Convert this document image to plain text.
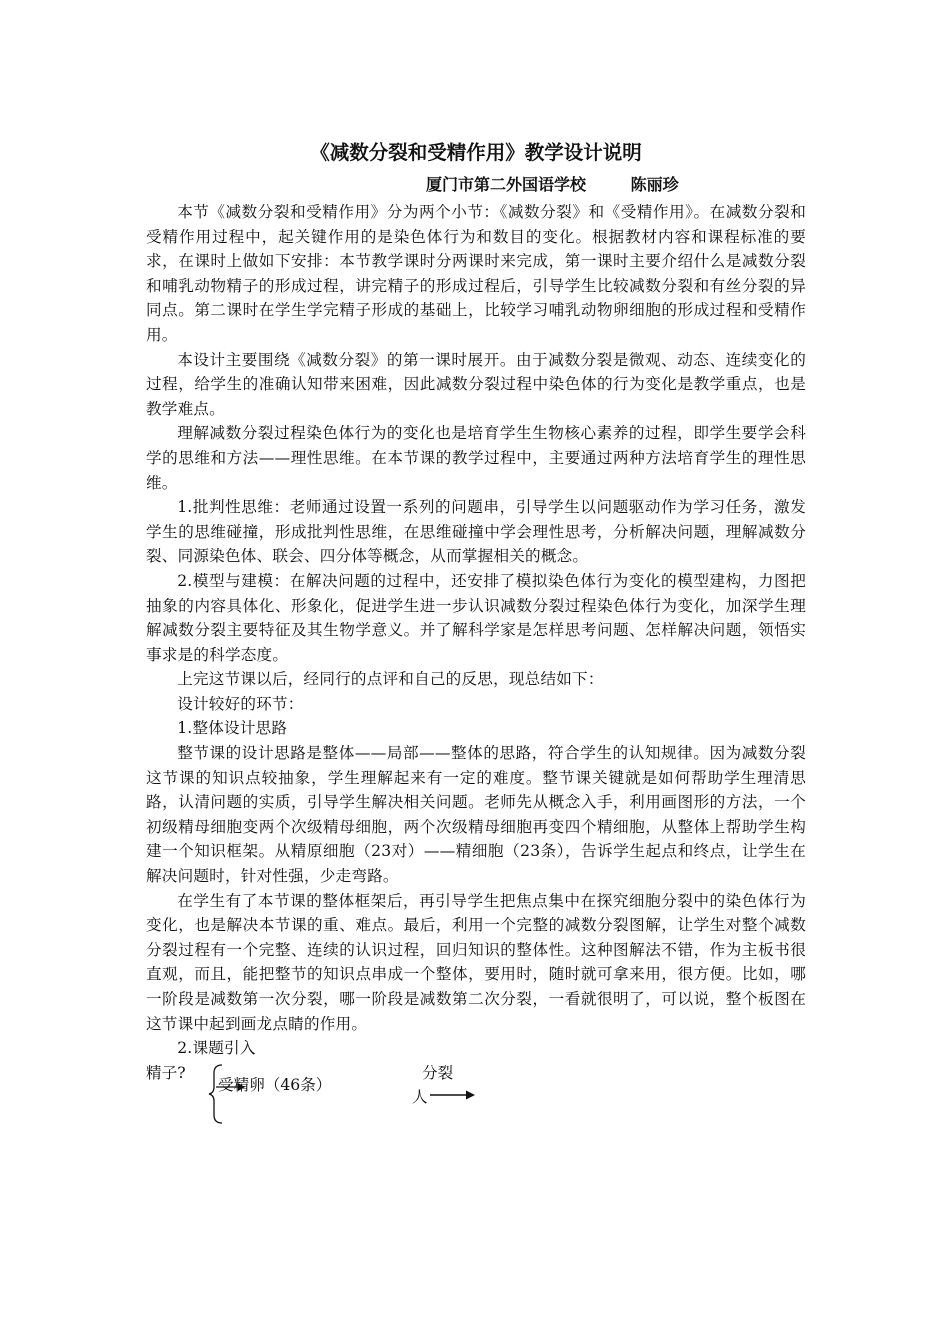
《减数分裂和受精作用》教学设计说明
厦门市第二外国语学校	陈丽珍

本节《减数分裂和受精作用》分为两个小节：《减数分裂》和《受精作用》。在减数分裂和受精作用过程中，起关键作用的是染色体行为和数目的变化。根据教材内容和课程标准的要求，在课时上做如下安排：本节教学课时分两课时来完成，第一课时主要介绍什么是减数分裂和哺乳动物精子的形成过程，讲完精子的形成过程后，引导学生比较减数分裂和有丝分裂的异同点。第二课时在学生学完精子形成的基础上，比较学习哺乳动物卵细胞的形成过程和受精作用。

本设计主要围绕《减数分裂》的第一课时展开。由于减数分裂是微观、动态、连续变化的过程，给学生的准确认知带来困难，因此减数分裂过程中染色体的行为变化是教学重点，也是教学难点。

理解减数分裂过程染色体行为的变化也是培育学生生物核心素养的过程，即学生要学会科学的思维和方法——理性思维。在本节课的教学过程中，主要通过两种方法培育学生的理性思维。

1.批判性思维：老师通过设置一系列的问题串，引导学生以问题驱动作为学习任务，激发学生的思维碰撞，形成批判性思维，在思维碰撞中学会理性思考，分析解决问题，理解减数分裂、同源染色体、联会、四分体等概念，从而掌握相关的概念。

2.模型与建模：在解决问题的过程中，还安排了模拟染色体行为变化的模型建构，力图把抽象的内容具体化、形象化，促进学生进一步认识减数分裂过程染色体行为变化，加深学生理解减数分裂主要特征及其生物学意义。并了解科学家是怎样思考问题、怎样解决问题，领悟实事求是的科学态度。

上完这节课以后，经同行的点评和自己的反思，现总结如下：

设计较好的环节：

1.整体设计思路

整节课的设计思路是整体——局部——整体的思路，符合学生的认知规律。因为减数分裂这节课的知识点较抽象，学生理解起来有一定的难度。整节课关键就是如何帮助学生理清思路，认清问题的实质，引导学生解决相关问题。老师先从概念入手，利用画图形的方法，一个初级精母细胞变两个次级精母细胞，两个次级精母细胞再变四个精细胞，从整体上帮助学生构建一个知识框架。从精原细胞（23对）——精细胞（23条），告诉学生起点和终点，让学生在解决问题时，针对性强，少走弯路。

在学生有了本节课的整体框架后，再引导学生把焦点集中在探究细胞分裂中的染色体行为变化，也是解决本节课的重、难点。最后，利用一个完整的减数分裂图解，让学生对整个减数分裂过程有一个完整、连续的认识过程，回归知识的整体性。这种图解法不错，作为主板书很直观，而且，能把整节的知识点串成一个整体，要用时，随时就可拿来用，很方便。比如，哪一阶段是减数第一次分裂，哪一阶段是减数第二次分裂，一看就很明了，可以说，整个板图在这节课中起到画龙点睛的作用。

2.课题引入

精子?
受精卵（46条）
分裂
人
